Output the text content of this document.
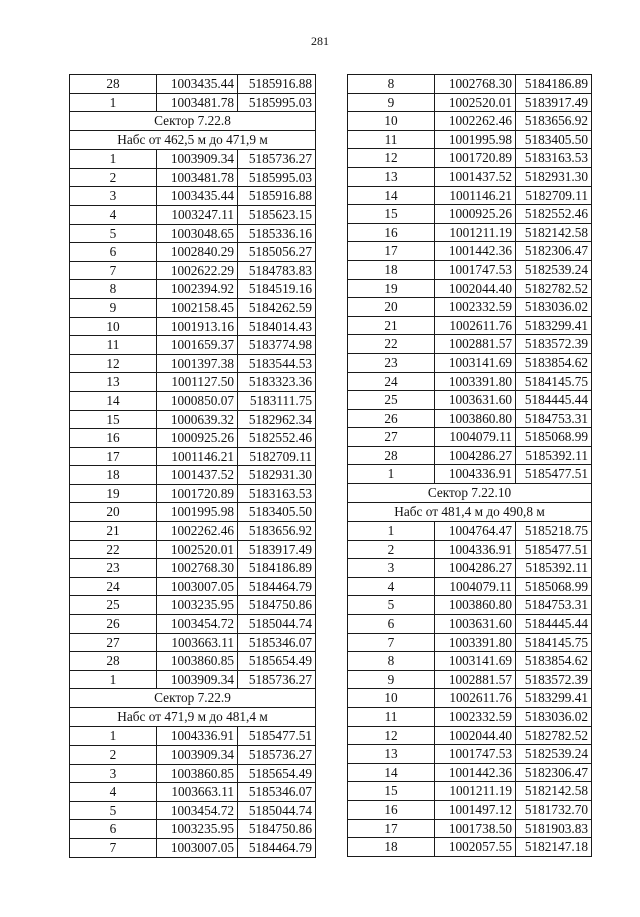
281
28	1003435.44	5185916.88
1	1003481.78	5185995.03
Сектор 7.22.8		
Набс от 462,5 м до 471,9 м		
1	1003909.34	5185736.27
2	1003481.78	5185995.03
3	1003435.44	5185916.88
4	1003247.11	5185623.15
5	1003048.65	5185336.16
6	1002840.29	5185056.27
7	1002622.29	5184783.83
8	1002394.92	5184519.16
9	1002158.45	5184262.59
10	1001913.16	5184014.43
11	1001659.37	5183774.98
12	1001397.38	5183544.53
13	1001127.50	5183323.36
14	1000850.07	5183111.75
15	1000639.32	5182962.34
16	1000925.26	5182552.46
17	1001146.21	5182709.11
18	1001437.52	5182931.30
19	1001720.89	5183163.53
20	1001995.98	5183405.50
21	1002262.46	5183656.92
22	1002520.01	5183917.49
23	1002768.30	5184186.89
24	1003007.05	5184464.79
25	1003235.95	5184750.86
26	1003454.72	5185044.74
27	1003663.11	5185346.07
28	1003860.85	5185654.49
1	1003909.34	5185736.27
Сектор 7.22.9		
Набс от 471,9 м до 481,4 м		
1	1004336.91	5185477.51
2	1003909.34	5185736.27
3	1003860.85	5185654.49
4	1003663.11	5185346.07
5	1003454.72	5185044.74
6	1003235.95	5184750.86
7	1003007.05	5184464.79
8	1002768.30	5184186.89
9	1002520.01	5183917.49
10	1002262.46	5183656.92
11	1001995.98	5183405.50
12	1001720.89	5183163.53
13	1001437.52	5182931.30
14	1001146.21	5182709.11
15	1000925.26	5182552.46
16	1001211.19	5182142.58
17	1001442.36	5182306.47
18	1001747.53	5182539.24
19	1002044.40	5182782.52
20	1002332.59	5183036.02
21	1002611.76	5183299.41
22	1002881.57	5183572.39
23	1003141.69	5183854.62
24	1003391.80	5184145.75
25	1003631.60	5184445.44
26	1003860.80	5184753.31
27	1004079.11	5185068.99
28	1004286.27	5185392.11
1	1004336.91	5185477.51
Сектор 7.22.10		
Набс от 481,4 м до 490,8 м		
1	1004764.47	5185218.75
2	1004336.91	5185477.51
3	1004286.27	5185392.11
4	1004079.11	5185068.99
5	1003860.80	5184753.31
6	1003631.60	5184445.44
7	1003391.80	5184145.75
8	1003141.69	5183854.62
9	1002881.57	5183572.39
10	1002611.76	5183299.41
11	1002332.59	5183036.02
12	1002044.40	5182782.52
13	1001747.53	5182539.24
14	1001442.36	5182306.47
15	1001211.19	5182142.58
16	1001497.12	5181732.70
17	1001738.50	5181903.83
18	1002057.55	5182147.18
